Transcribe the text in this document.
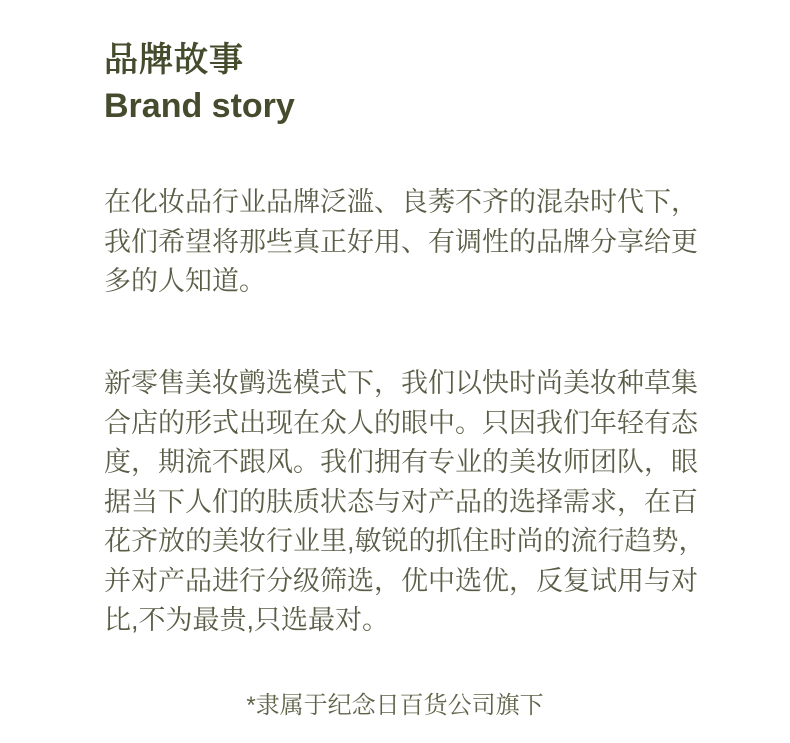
品牌故事
Brand story

在化妆品行业品牌泛滥、良莠不齐的混杂时代下，

我们希望将那些真正好用、有调性的品牌分享给更

多的人知道。

新零售美妆鹯选模式下，我们以快时尚美妆种草集

合店的形式出现在众人的眼中。只因我们年轻有态

度，期流不跟风。我们拥有专业的美妆师团队，眼

据当下人们的肤质状态与对产品的选择需求，在百

花齐放的美妆行业里,敏锐的抓住时尚的流行趋势，

并对产品进行分级筛选，优中选优，反复试用与对

比,不为最贵,只选最对。

*隶属于纪念日百货公司旗下
